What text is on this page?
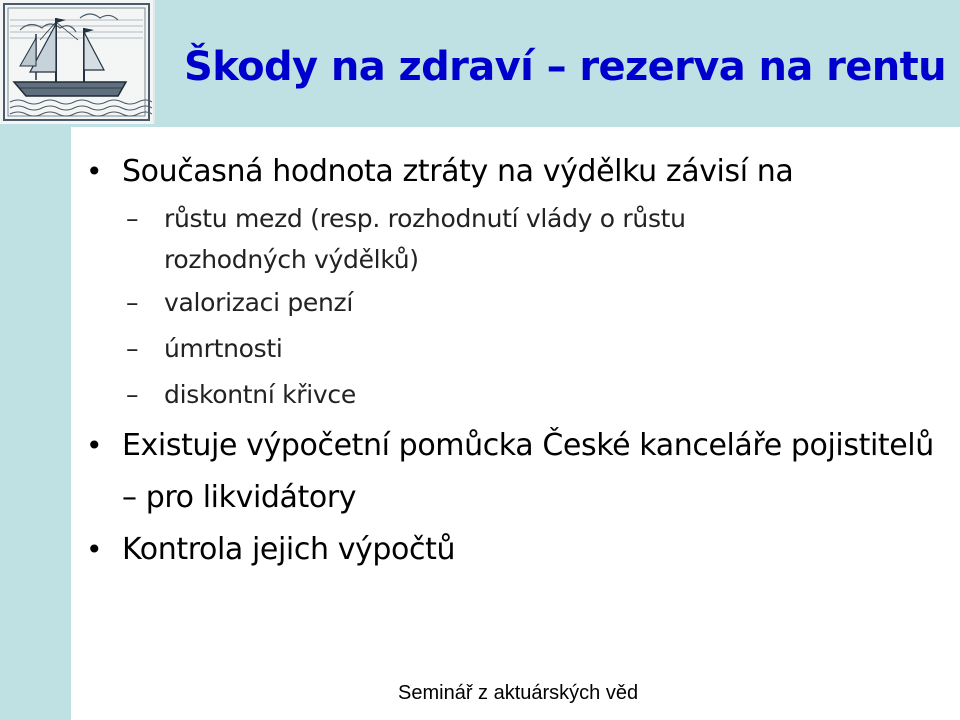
Škody na zdraví – rezerva na rentu
• Současná hodnota ztráty na výdělku závisí na
– růstu mezd (resp. rozhodnutí vlády o růstu
rozhodných výdělků)
– valorizaci penzí
– úmrtnosti
– diskontní křivce
• Existuje výpočetní pomůcka České kanceláře pojistitelů – pro likvidátory
• Kontrola jejich výpočtů
Seminář z aktuárských věd
